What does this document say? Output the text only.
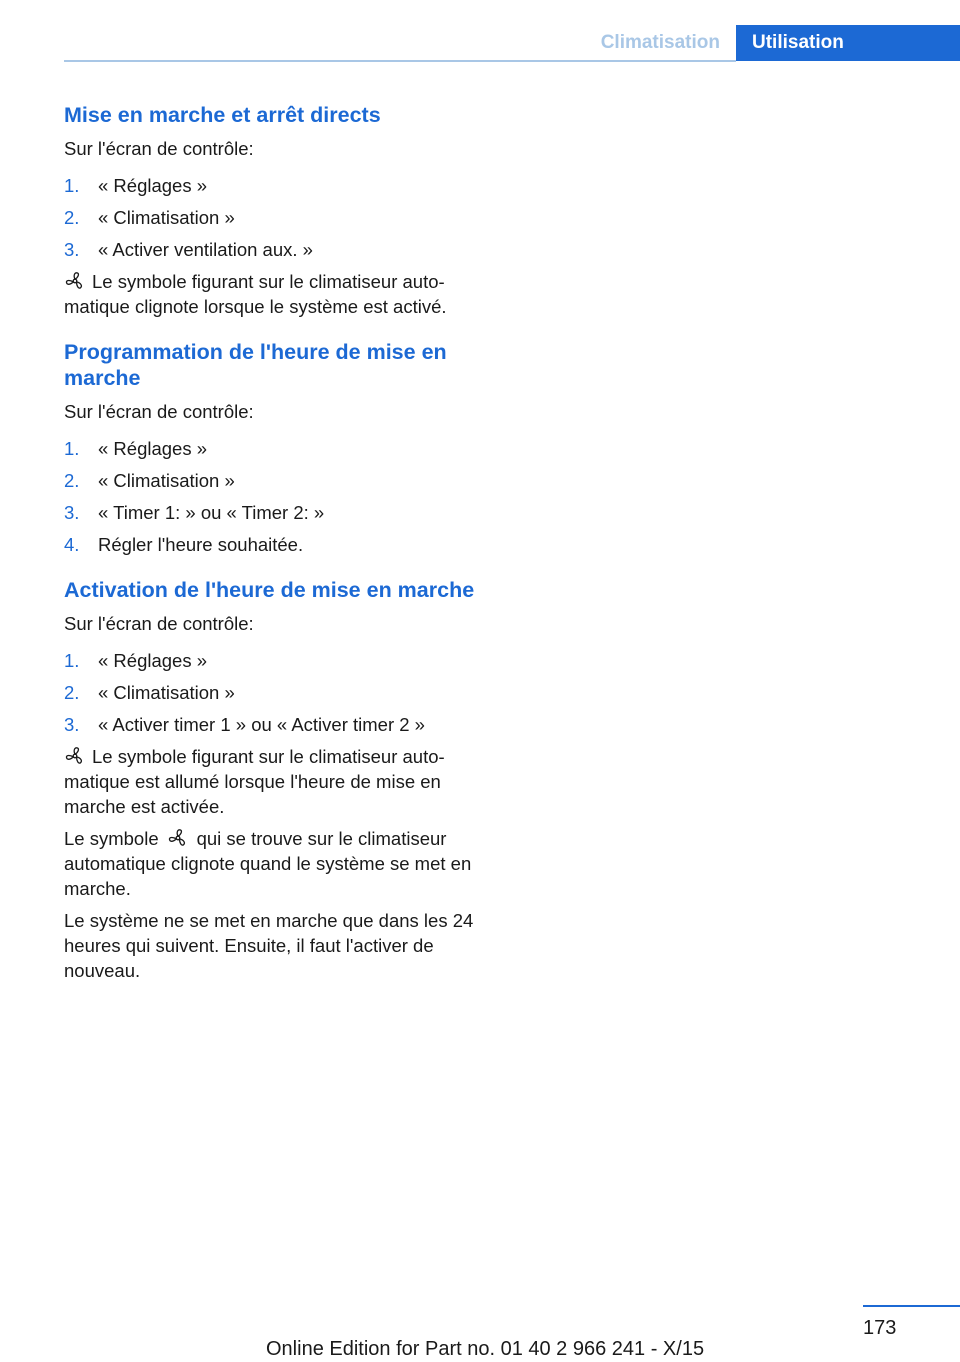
Climatisation	Utilisation
Mise en marche et arrêt directs

Sur l'écran de contrôle:

1.	« Réglages »
2.	« Climatisation »
3.	« Activer ventilation aux. »

Le symbole figurant sur le climatiseur auto-matique clignote lorsque le système est activé.

Programmation de l'heure de mise en marche

Sur l'écran de contrôle:

1.	« Réglages »
2.	« Climatisation »
3.	« Timer 1: » ou « Timer 2: »
4.	Régler l'heure souhaitée.
Activation de l'heure de mise en marche

Sur l'écran de contrôle:

1.	« Réglages »
2.	« Climatisation »
3.	« Activer timer 1 » ou « Activer timer 2 »

Le symbole figurant sur le climatiseur auto-matique est allumé lorsque l'heure de mise en marche est activée.

Le symbole qui se trouve sur le climatiseur automatique clignote quand le système se met en marche.

Le système ne se met en marche que dans les 24 heures qui suivent. Ensuite, il faut l'activer de nouveau.

173
Online Edition for Part no. 01 40 2 966 241 - X/15
